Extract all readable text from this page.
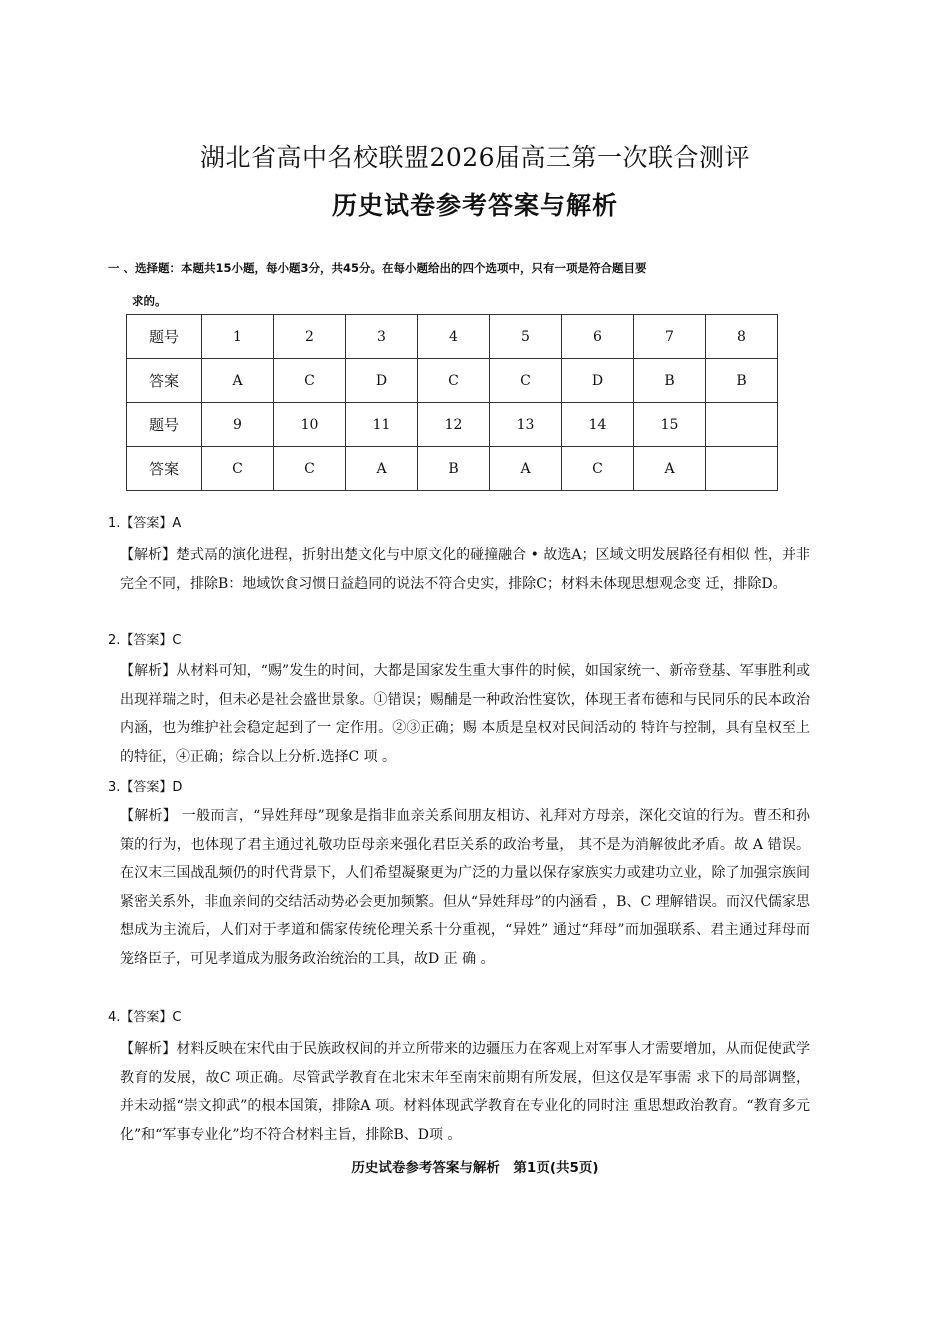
湖北省高中名校联盟2026届高三第一次联合测评
历史试卷参考答案与解析
一 、选择题：本题共15小题，每小题3分，共45分。在每小题给出的四个选项中，只有一项是符合题目要
求的。
题号	1	2	3	4	5	6	7	8
答案	A	C	D	C	C	D	B	B
题号	9	10	11	12	13	14	15	
答案	C	C	A	B	A	C	A	
1.【答案】A
【解析】楚式鬲的演化进程，折射出楚文化与中原文化的碰撞融合 • 故选A；区域文明发展路径有相似 性，并非完全不同，排除B：地域饮食习惯日益趋同的说法不符合史实，排除C；材料未体现思想观念变 迁，排除D。
2.【答案】C
【解析】从材料可知，“赐”发生的时间，大都是国家发生重大事件的时候，如国家统一、新帝登基、军事胜利或出现祥瑞之时，但未必是社会盛世景象。①错误；赐酺是一种政治性宴饮，体现王者布德和与民同乐的民本政治内涵，也为维护社会稳定起到了一 定作用。②③正确；赐 本质是皇权对民间活动的 特许与控制，具有皇权至上的特征，④正确；综合以上分析.选择C 项 。
3.【答案】D
【解析】 一般而言，“异姓拜母”现象是指非血亲关系间朋友相访、礼拜对方母亲，深化交谊的行为。曹丕和孙策的行为，也体现了君主通过礼敬功臣母亲来强化君臣关系的政治考量， 其不是为消解彼此矛盾。故 A 错误。在汉末三国战乱频仍的时代背景下，人们希望凝聚更为广泛的力量以保存家族实力或建功立业，除了加强宗族间紧密关系外，非血亲间的交结活动势必会更加频繁。但从“异姓拜母”的内涵看 ，B、C 理解错误。而汉代儒家思想成为主流后，人们对于孝道和儒家传统伦理关系十分重视，“异姓” 通过“拜母”而加强联系、君主通过拜母而笼络臣子，可见孝道成为服务政治统治的工具，故D 正 确 。
4.【答案】C
【解析】材料反映在宋代由于民族政权间的并立所带来的边疆压力在客观上对军事人才需要增加，从而促使武学教育的发展，故C 项正确。尽管武学教育在北宋末年至南宋前期有所发展，但这仅是军事需 求下的局部调整，并未动摇“崇文抑武”的根本国策，排除A 项。材料体现武学教育在专业化的同时注 重思想政治教育。“教育多元化”和“军事专业化”均不符合材料主旨，排除B、D项 。
历史试卷参考答案与解析　第1页(共5页)
